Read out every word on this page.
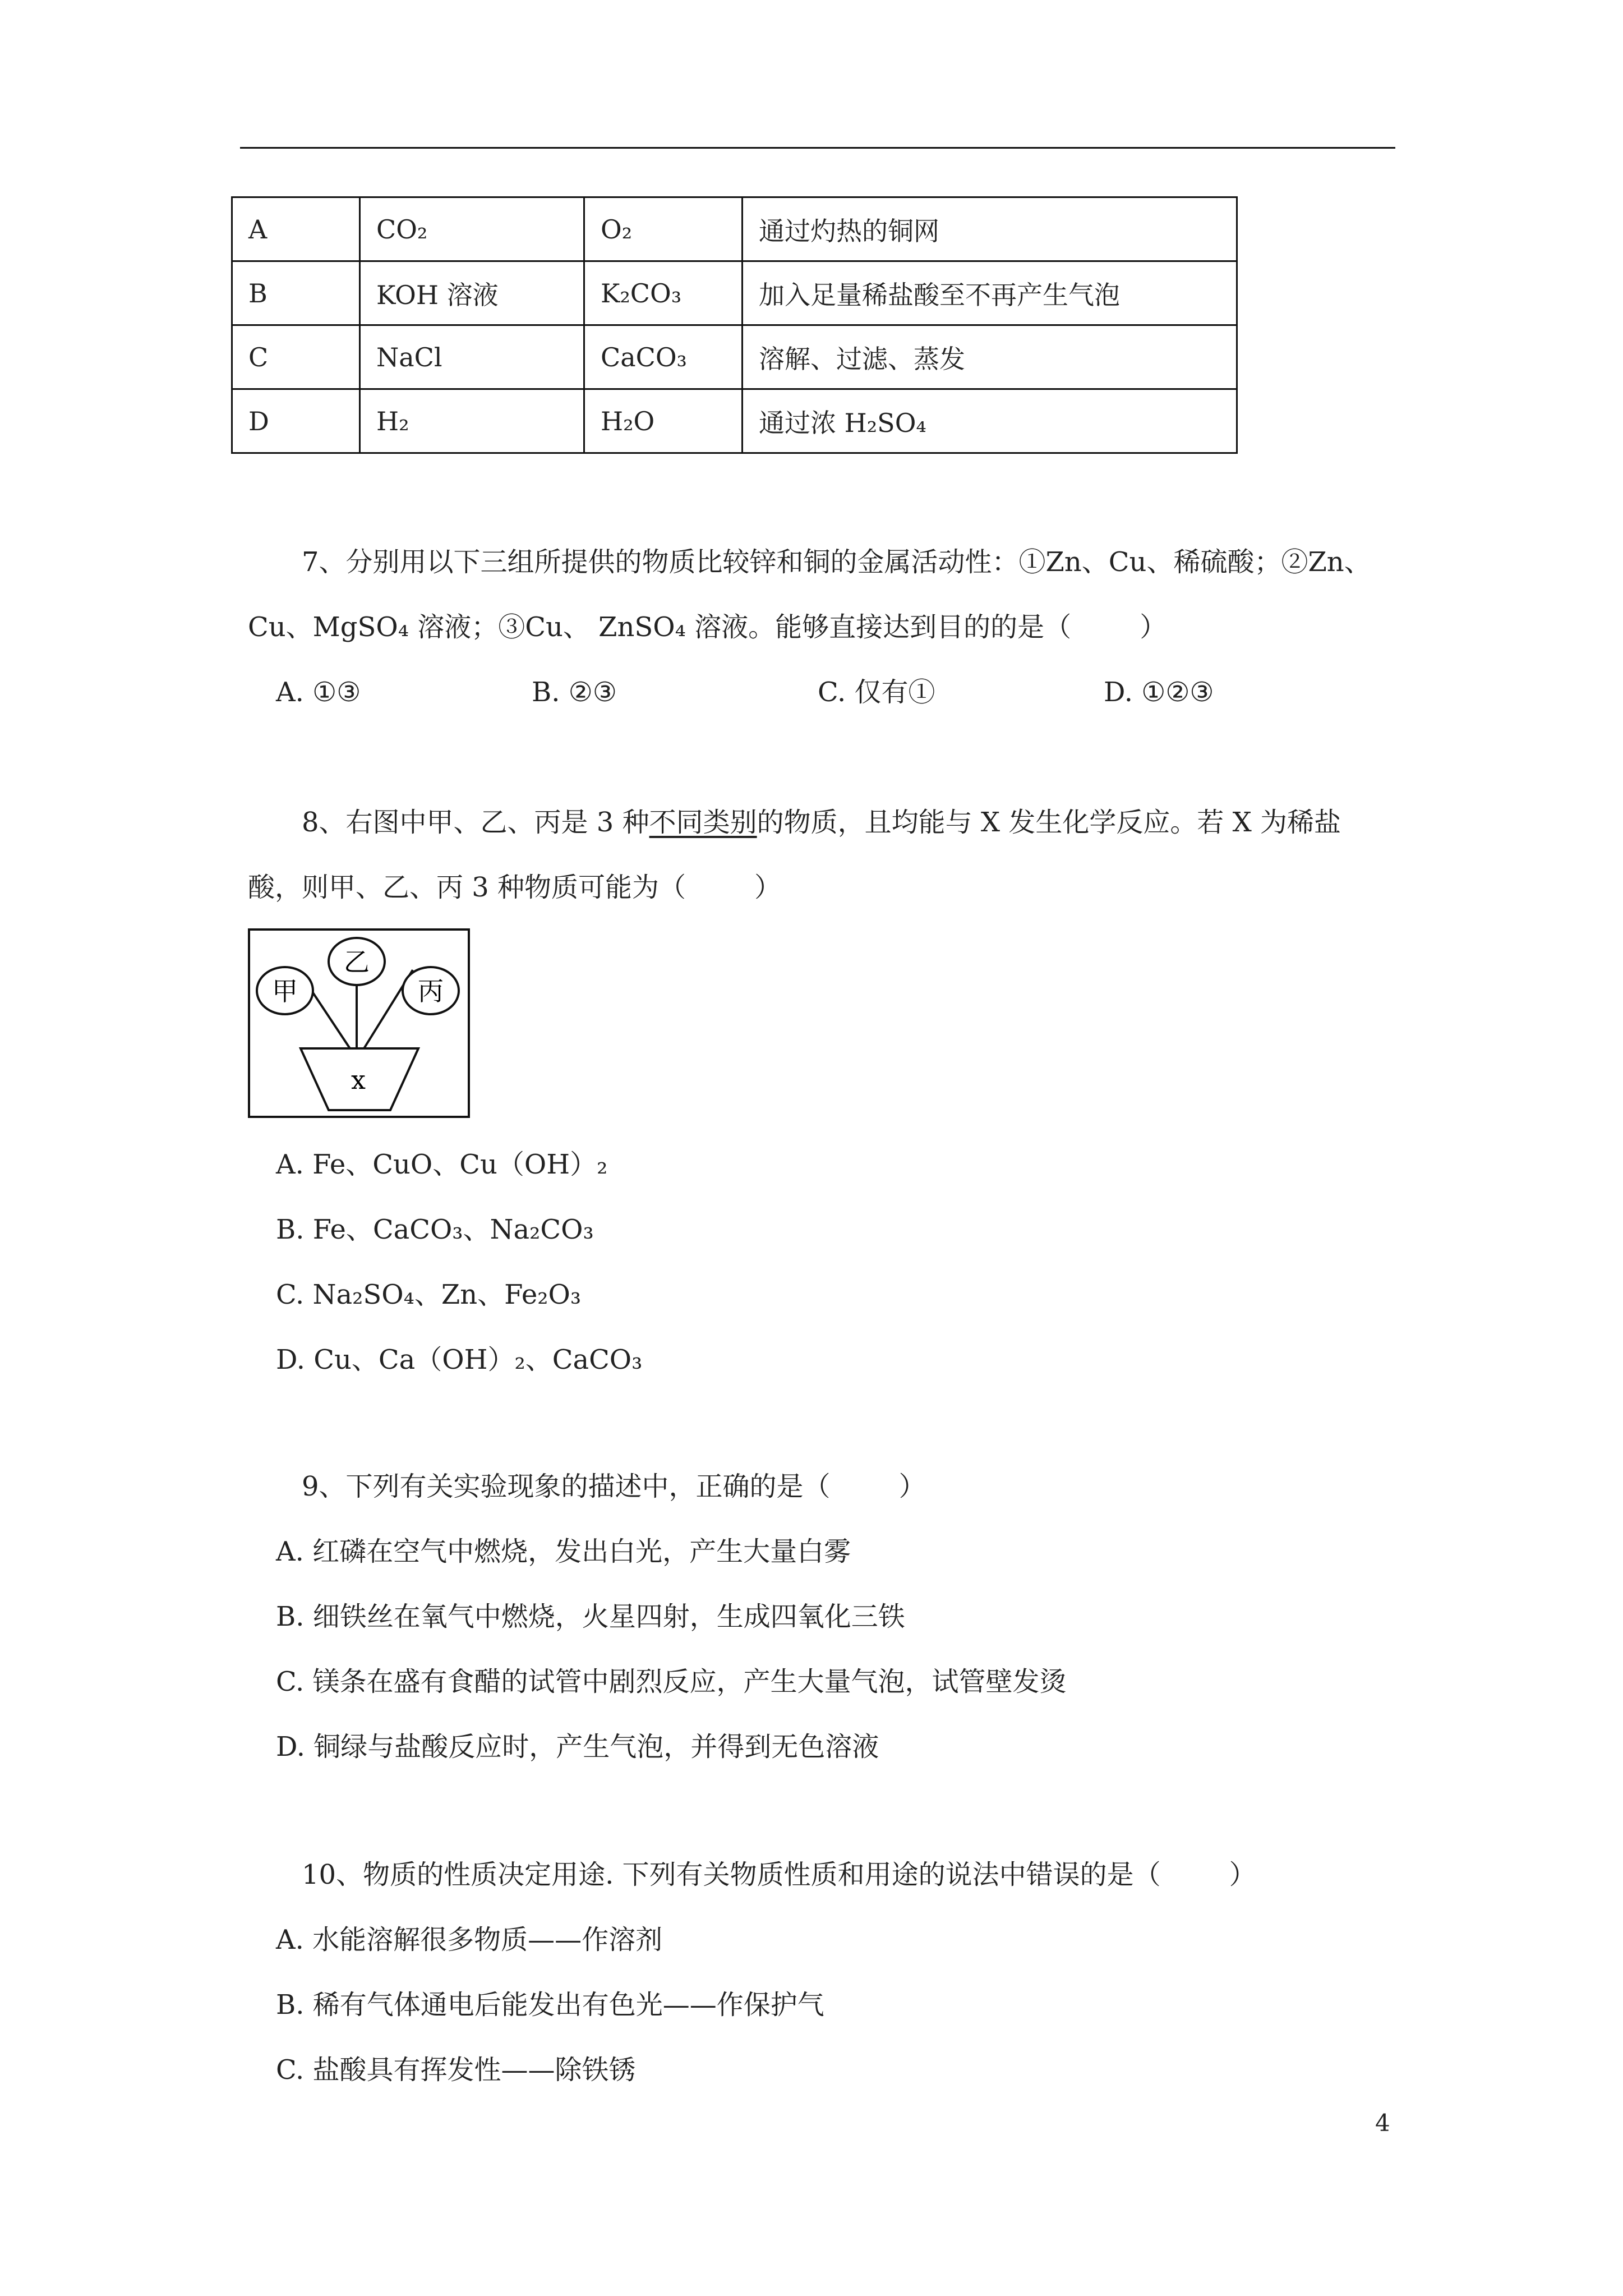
A	CO₂	O₂	通过灼热的铜网
B	KOH 溶液	K₂CO₃	加入足量稀盐酸至不再产生气泡
C	NaCl	CaCO₃	溶解、过滤、蒸发
D	H₂	H₂O	通过浓 H₂SO₄
7、分别用以下三组所提供的物质比较锌和铜的金属活动性：①Zn、Cu、稀硫酸；②Zn、
Cu、MgSO₄ 溶液；③Cu、 ZnSO₄ 溶液。能够直接达到目的的是（        ）
A. ①③	B. ②③	C. 仅有①	D. ①②③
8、右图中甲、乙、丙是 3 种不同类别的物质，且均能与 X 发生化学反应。若 X 为稀盐
酸，则甲、乙、丙 3 种物质可能为（        ）
甲
乙
丙
x
A. Fe、CuO、Cu（OH）₂
B. Fe、CaCO₃、Na₂CO₃
C. Na₂SO₄、Zn、Fe₂O₃
D. Cu、Ca（OH）₂、CaCO₃
9、下列有关实验现象的描述中，正确的是（        ）
A. 红磷在空气中燃烧，发出白光，产生大量白雾
B. 细铁丝在氧气中燃烧，火星四射，生成四氧化三铁
C. 镁条在盛有食醋的试管中剧烈反应，产生大量气泡，试管壁发烫
D. 铜绿与盐酸反应时，产生气泡，并得到无色溶液
10、物质的性质决定用途. 下列有关物质性质和用途的说法中错误的是（        ）
A. 水能溶解很多物质——作溶剂
B. 稀有气体通电后能发出有色光——作保护气
C. 盐酸具有挥发性——除铁锈
4
